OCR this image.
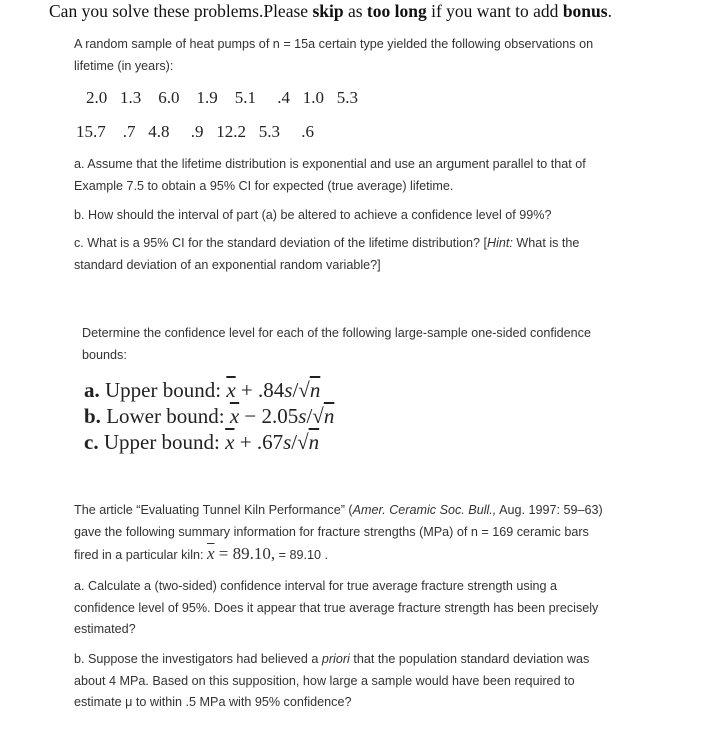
Can you solve these problems.Please skip as too long if you want to add bonus.
A random sample of heat pumps of n = 15a certain type yielded the following observations on
lifetime (in years):
2.0   1.3    6.0    1.9    5.1     .4   1.0   5.3
15.7    .7   4.8     .9   12.2   5.3     .6
a. Assume that the lifetime distribution is exponential and use an argument parallel to that of
Example 7.5 to obtain a 95% CI for expected (true average) lifetime.
b. How should the interval of part (a) be altered to achieve a confidence level of 99%?
c. What is a 95% CI for the standard deviation of the lifetime distribution? [Hint: What is the
standard deviation of an exponential random variable?]
Determine the confidence level for each of the following large-sample one-sided confidence
bounds:
a. Upper bound: $\overline{x} + .84s/√n$
b. Lower bound: $\overline{x} - 2.05s/√n$
c. Upper bound: $\overline{x} + .67s/√n$
The article “Evaluating Tunnel Kiln Performance” (Amer. Ceramic Soc. Bull., Aug. 1997: 59–63)
gave the following summary information for fracture strengths (MPa) of n = 169 ceramic bars
fired in a particular kiln: $\overline{x} = 89.10$, = 89.10 .
a. Calculate a (two-sided) confidence interval for true average fracture strength using a
confidence level of 95%. Does it appear that true average fracture strength has been precisely
estimated?
b. Suppose the investigators had believed a priori that the population standard deviation was
about 4 MPa. Based on this supposition, how large a sample would have been required to
estimate μ to within .5 MPa with 95% confidence?
